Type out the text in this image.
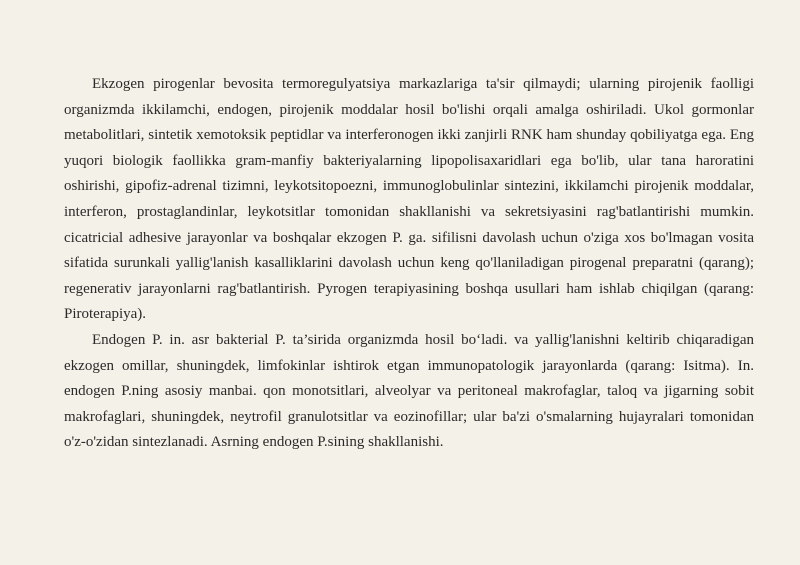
Ekzogen pirogenlar bevosita termoregulyatsiya markazlariga ta'sir qilmaydi; ularning pirojenik faolligi organizmda ikkilamchi, endogen, pirojenik moddalar hosil bo'lishi orqali amalga oshiriladi. Ukol gormonlar metabolitlari, sintetik xemotoksik peptidlar va interferonogen ikki zanjirli RNK ham shunday qobiliyatga ega. Eng yuqori biologik faollikka gram-manfiy bakteriyalarning lipopolisaxaridlari ega bo'lib, ular tana haroratini oshirishi, gipofiz-adrenal tizimni, leykotsitopoezni, immunoglobulinlar sintezini, ikkilamchi pirojenik moddalar, interferon, prostaglandinlar, leykotsitlar tomonidan shakllanishi va sekretsiyasini rag'batlantirishi mumkin. cicatricial adhesive jarayonlar va boshqalar ekzogen P. ga. sifilisni davolash uchun o'ziga xos bo'lmagan vosita sifatida surunkali yallig'lanish kasalliklarini davolash uchun keng qo'llaniladigan pirogenal preparatni (qarang); regenerativ jarayonlarni rag'batlantirish. Pyrogen terapiyasining boshqa usullari ham ishlab chiqilgan (qarang: Piroterapiya).

Endogen P. in. asr bakterial P. ta’sirida organizmda hosil bo‘ladi. va yallig'lanishni keltirib chiqaradigan ekzogen omillar, shuningdek, limfokinlar ishtirok etgan immunopatologik jarayonlarda (qarang: Isitma). In. endogen P.ning asosiy manbai. qon monotsitlari, alveolyar va peritoneal makrofaglar, taloq va jigarning sobit makrofaglari, shuningdek, neytrofil granulotsitlar va eozinofillar; ular ba'zi o'smalarning hujayralari tomonidan o'z-o'zidan sintezlanadi. Asrning endogen P.sining shakllanishi.
